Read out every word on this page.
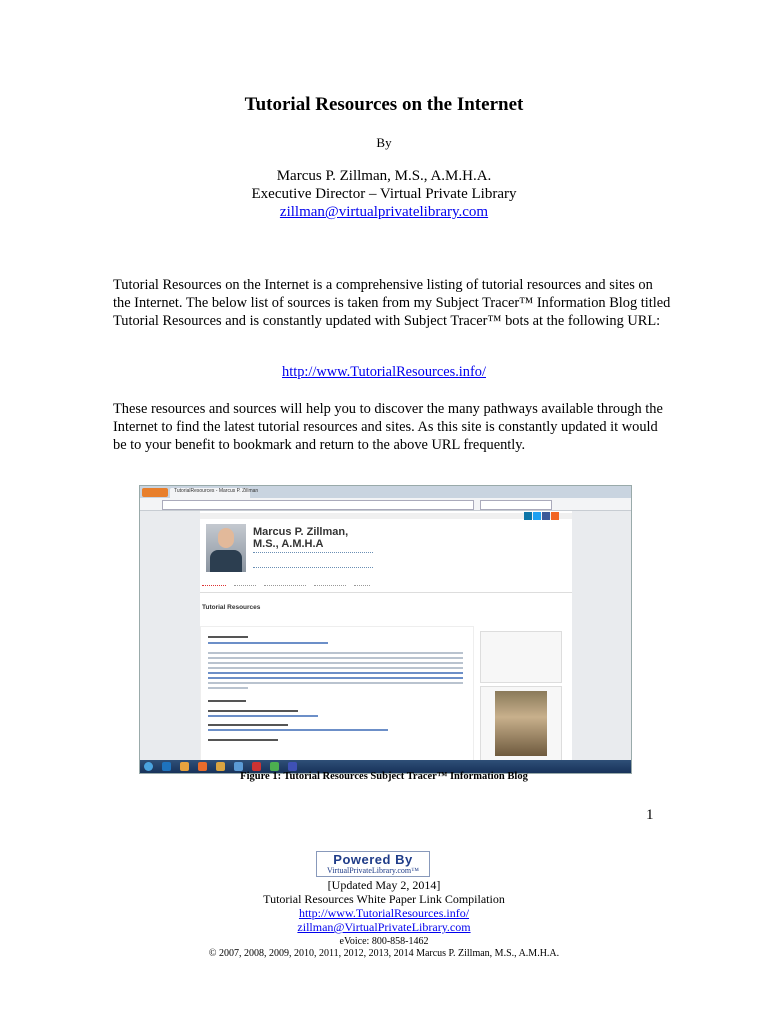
Tutorial Resources on the Internet
By
Marcus P. Zillman, M.S., A.M.H.A.
Executive Director – Virtual Private Library
zillman@virtualprivatelibrary.com
Tutorial Resources on the Internet is a comprehensive listing of tutorial resources and sites on the Internet. The below list of sources is taken from my Subject Tracer™ Information Blog titled Tutorial Resources and is constantly updated with Subject Tracer™ bots at the following URL:
http://www.TutorialResources.info/
These resources and sources will help you to discover the many pathways available through the Internet to find the latest tutorial resources and sites. As this site is constantly updated it would be to your benefit to bookmark and return to the above URL frequently.
TutorialResources - Marcus P. Zillman
Marcus P. Zillman,
M.S., A.M.H.A
Tutorial Resources
Figure 1: Tutorial Resources Subject Tracer™ Information Blog
1
Powered By
VirtualPrivateLibrary.com™
[Updated May 2, 2014]
Tutorial Resources White Paper Link Compilation
http://www.TutorialResources.info/
zillman@VirtualPrivateLibrary.com
eVoice: 800-858-1462
© 2007, 2008, 2009, 2010, 2011, 2012, 2013, 2014 Marcus P. Zillman, M.S., A.M.H.A.
